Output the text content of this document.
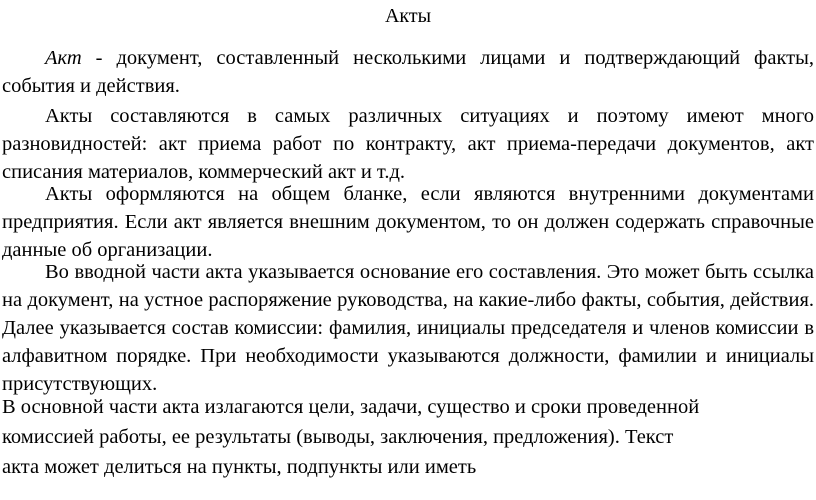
Акты

Акт - документ, составленный несколькими лицами и подтверждающий факты, события и действия.

Акты составляются в самых различных ситуациях и поэтому имеют много разновидностей: акт приема работ по контракту, акт приема-передачи документов, акт списания материалов, коммерческий акт и т.д.

Акты оформляются на общем бланке, если являются внутренними документами предприятия. Если акт является внешним документом, то он должен содержать справочные данные об организации.

Во вводной части акта указывается основание его составления. Это может быть ссылка на документ, на устное распоряжение руководства, на какие-либо факты, события, действия. Далее указывается состав комиссии: фамилия, инициалы председателя и членов комиссии в алфавитном порядке. При необходимости указываются должности, фамилии и инициалы присутствующих.

В основной части акта излагаются цели, задачи, существо и сроки проведенной
комиссией работы, ее результаты (выводы, заключения, предложения). Текст
акта может делиться на пункты, подпункты или иметь
